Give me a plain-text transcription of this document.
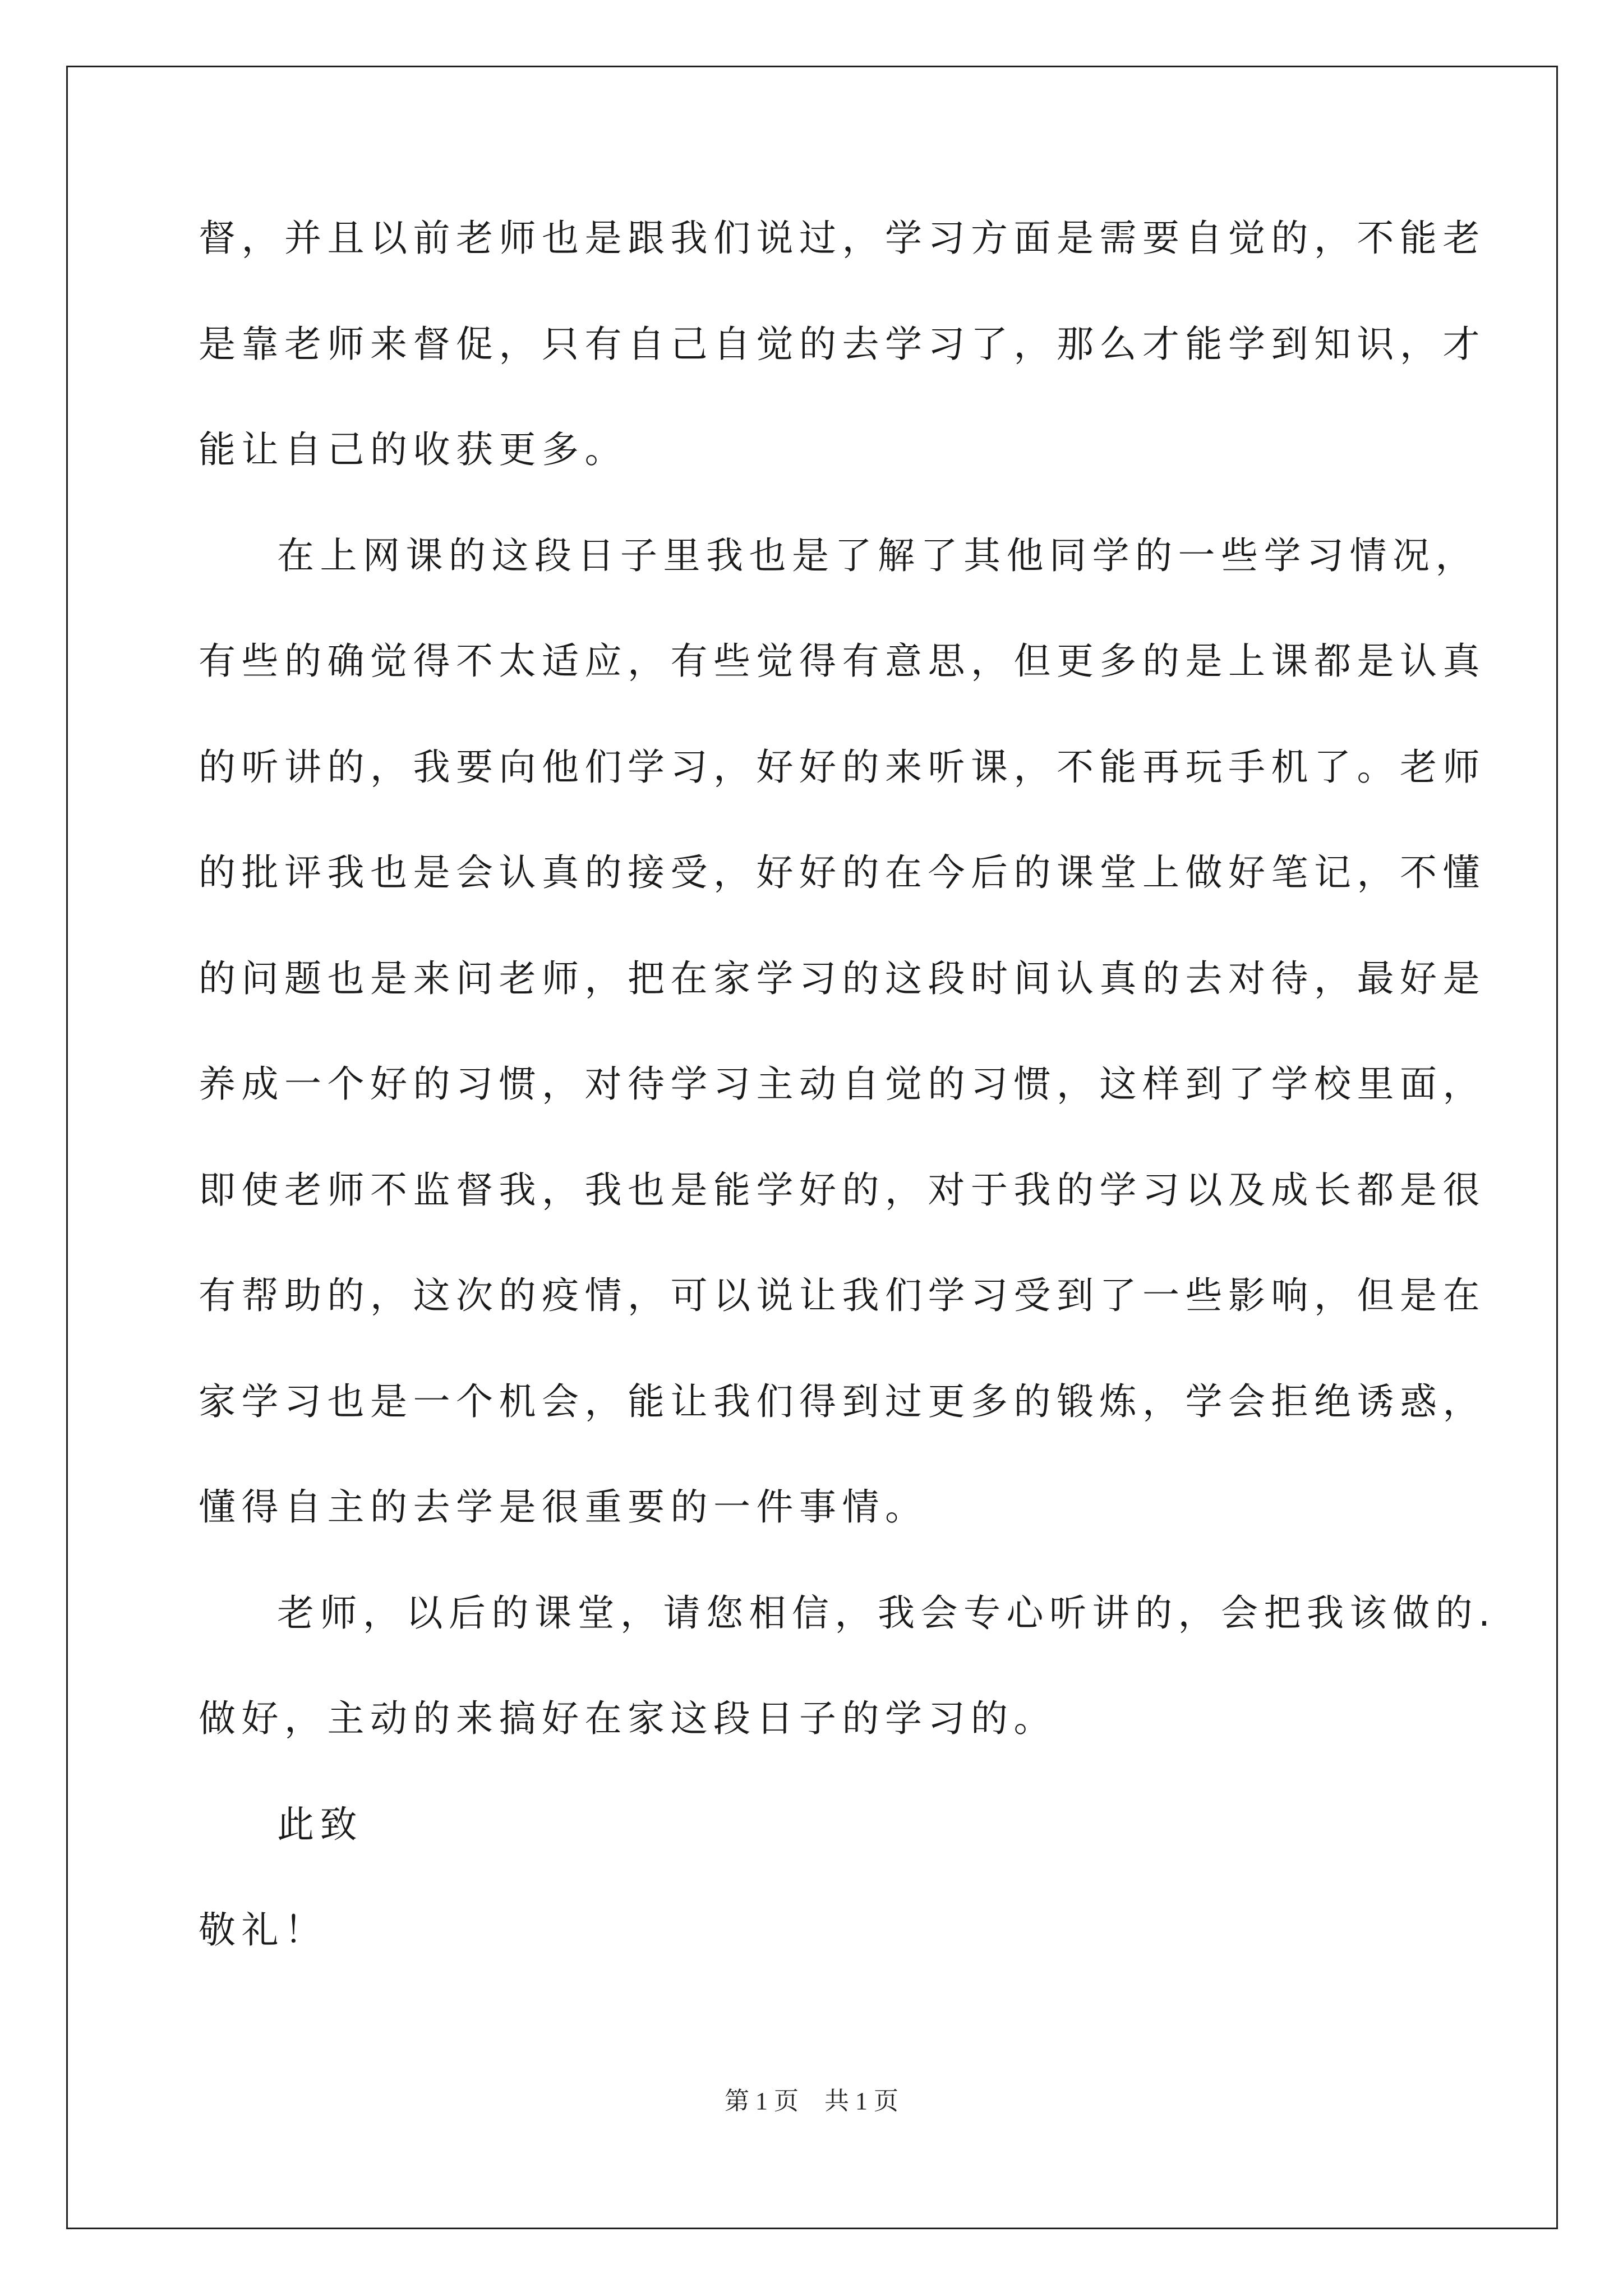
督，并且以前老师也是跟我们说过，学习方面是需要自觉的，不能老
是靠老师来督促，只有自己自觉的去学习了，那么才能学到知识，才
能让自己的收获更多。
在上网课的这段日子里我也是了解了其他同学的一些学习情况，
有些的确觉得不太适应，有些觉得有意思，但更多的是上课都是认真
的听讲的，我要向他们学习，好好的来听课，不能再玩手机了。老师
的批评我也是会认真的接受，好好的在今后的课堂上做好笔记，不懂
的问题也是来问老师，把在家学习的这段时间认真的去对待，最好是
养成一个好的习惯，对待学习主动自觉的习惯，这样到了学校里面，
即使老师不监督我，我也是能学好的，对于我的学习以及成长都是很
有帮助的，这次的疫情，可以说让我们学习受到了一些影响，但是在
家学习也是一个机会，能让我们得到过更多的锻炼，学会拒绝诱惑，
懂得自主的去学是很重要的一件事情。
老师，以后的课堂，请您相信，我会专心听讲的，会把我该做的.
做好，主动的来搞好在家这段日子的学习的。
此致
敬礼！
第 1 页 共 1 页
